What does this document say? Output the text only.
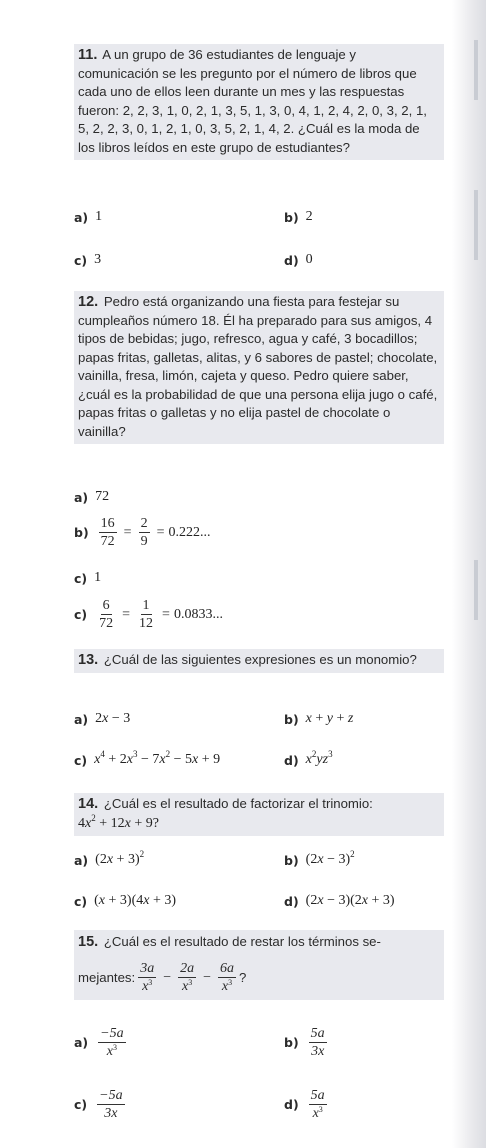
11. A un grupo de 36 estudiantes de lenguaje y comunicación se les pregunto por el número de libros que cada uno de ellos leen durante un mes y las respuestas fueron: 2, 2, 3, 1, 0, 2, 1, 3, 5, 1, 3, 0, 4, 1, 2, 4, 2, 0, 3, 2, 1, 5, 2, 2, 3, 0, 1, 2, 1, 0, 3, 5, 2, 1, 4, 2. ¿Cuál es la moda de los libros leídos en este grupo de estudiantes?
a) 1	b) 2
c) 3	d) 0
12. Pedro está organizando una fiesta para festejar su cumpleaños número 18. Él ha preparado para sus amigos, 4 tipos de bebidas; jugo, refresco, agua y café, 3 bocadillos; papas fritas, galletas, alitas, y 6 sabores de pastel; chocolate, vainilla, fresa, limón, cajeta y queso. Pedro quiere saber, ¿cuál es la probabilidad de que una persona elija jugo o café, papas fritas o galletas y no elija pastel de chocolate o vainilla?
a) 72
$b) \frac{16}{72} = \frac{2}{9} = 0.222$...
c) 1
$c) \frac{6}{72} = \frac{1}{12} = 0.0833$...
13. ¿Cuál de las siguientes expresiones es un monomio?
a) 2x − 3	b) x + y + z
c) $x^4 + 2x^3 - 7x^2 - 5x + 9$	d) $x^2yz^3$
14. ¿Cuál es el resultado de factorizar el trinomio:
$4x^2 + 12x + 9$?
a) $(2x + 3)^2$	b) $(2x - 3)^2$
c) (x + 3)(4x + 3)	d) (2x − 3)(2x + 3)
15. ¿Cuál es el resultado de restar los términos se-
mejantes: $\frac{3a}{x^3} - \frac{2a}{x^3} - \frac{6a}{x^3}$ ?
$a) \frac{-5a}{x^3}$	$b) \frac{5a}{3x}$
$c) \frac{-5a}{3x}$	$d) \frac{5a}{x^3}$
